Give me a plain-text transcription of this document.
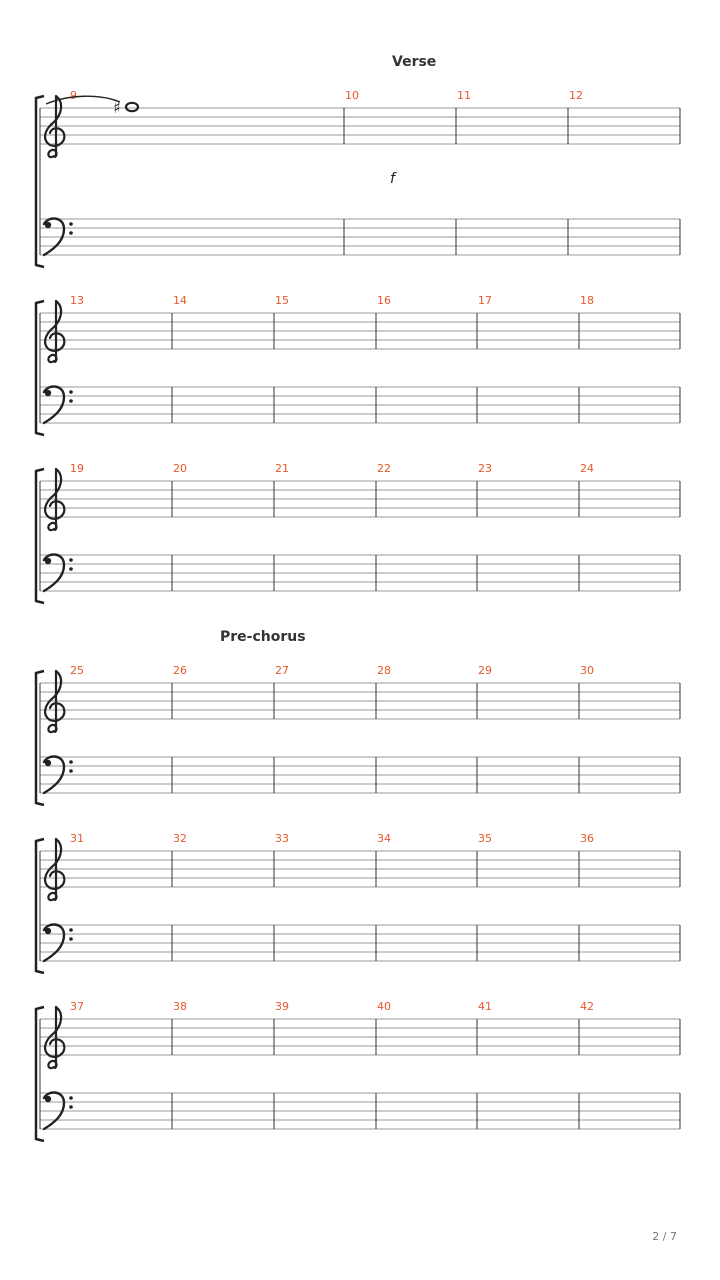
Verse
Pre-chorus
9	10	11	12
f
13	14	15	16	17	18
19	20	21	22	23	24
25	26	27	28	29	30
31	32	33	34	35	36
37	38	39	40	41	42
♯
2 / 7
